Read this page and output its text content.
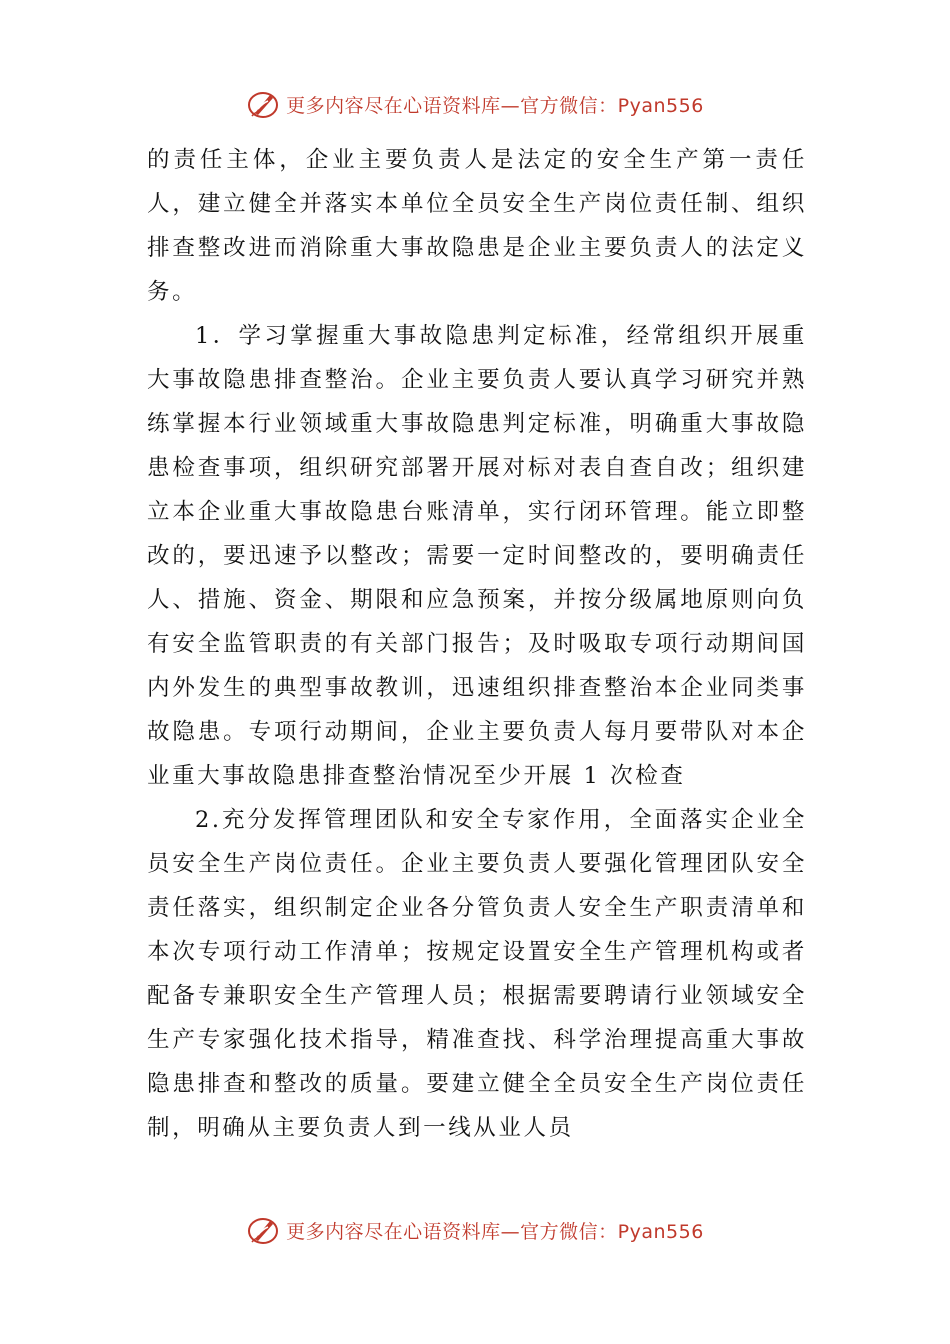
更多内容尽在心语资料库—官方微信：Pyan556

的责任主体，企业主要负责人是法定的安全生产第一责任人，建立健全并落实本单位全员安全生产岗位责任制、组织排查整改进而消除重大事故隐患是企业主要负责人的法定义务。

1．学习掌握重大事故隐患判定标准，经常组织开展重大事故隐患排查整治。企业主要负责人要认真学习研究并熟练掌握本行业领域重大事故隐患判定标准，明确重大事故隐患检查事项，组织研究部署开展对标对表自查自改；组织建立本企业重大事故隐患台账清单，实行闭环管理。能立即整改的，要迅速予以整改；需要一定时间整改的，要明确责任人、措施、资金、期限和应急预案，并按分级属地原则向负有安全监管职责的有关部门报告；及时吸取专项行动期间国内外发生的典型事故教训，迅速组织排查整治本企业同类事故隐患。专项行动期间，企业主要负责人每月要带队对本企业重大事故隐患排查整治情况至少开展 1 次检查

2.充分发挥管理团队和安全专家作用，全面落实企业全员安全生产岗位责任。企业主要负责人要强化管理团队安全责任落实，组织制定企业各分管负责人安全生产职责清单和本次专项行动工作清单；按规定设置安全生产管理机构或者配备专兼职安全生产管理人员；根据需要聘请行业领域安全生产专家强化技术指导，精准查找、科学治理提高重大事故隐患排查和整改的质量。要建立健全全员安全生产岗位责任制，明确从主要负责人到一线从业人员

更多内容尽在心语资料库—官方微信：Pyan556
